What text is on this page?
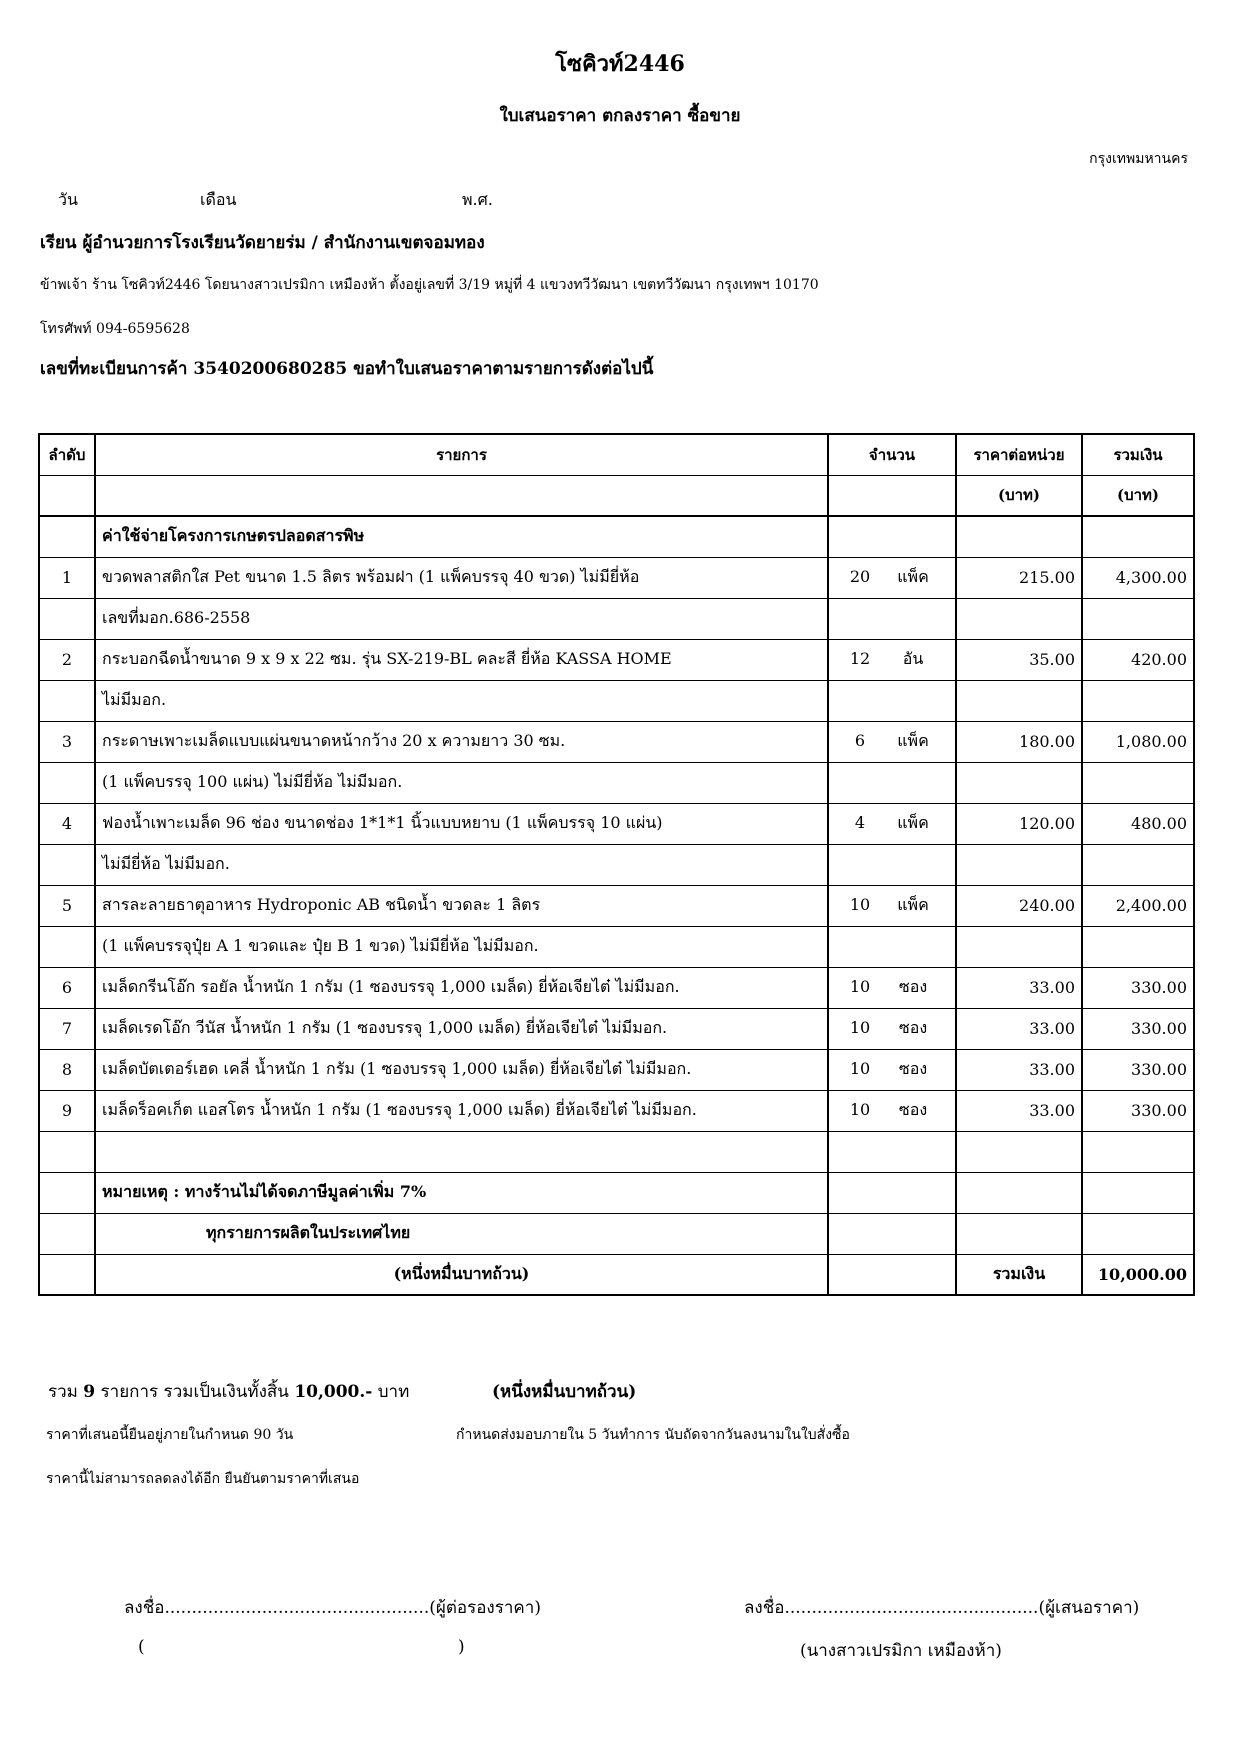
โซคิวท์2446
ใบเสนอราคา ตกลงราคา ซื้อขาย
กรุงเทพมหานคร
วัน	เดือน	พ.ศ.
เรียน ผู้อำนวยการโรงเรียนวัดยายร่ม / สำนักงานเขตจอมทอง
ข้าพเจ้า ร้าน โซคิวท์2446 โดยนางสาวเปรมิกา เหมืองห้า ตั้งอยู่เลขที่ 3/19 หมู่ที่ 4 แขวงทวีวัฒนา เขตทวีวัฒนา กรุงเทพฯ 10170
โทรศัพท์ 094-6595628
เลขที่ทะเบียนการค้า 3540200680285 ขอทำใบเสนอราคาตามรายการดังต่อไปนี้
ลำดับ	รายการ	จำนวน	ราคาต่อหน่วย	รวมเงิน
			(บาท)	(บาท)
	ค่าใช้จ่ายโครงการเกษตรปลอดสารพิษ			
1	ขวดพลาสติกใส Pet ขนาด 1.5 ลิตร พร้อมฝา (1 แพ็คบรรจุ 40 ขวด) ไม่มียี่ห้อ	20 แพ็ค	215.00	4,300.00
	เลขที่มอก.686-2558			
2	กระบอกฉีดน้ำขนาด 9 x 9 x 22 ซม. รุ่น SX-219-BL คละสี ยี่ห้อ KASSA HOME	12 อัน	35.00	420.00
	ไม่มีมอก.			
3	กระดาษเพาะเมล็ดแบบแผ่นขนาดหน้ากว้าง 20 x ความยาว 30 ซม.	6 แพ็ค	180.00	1,080.00
	(1 แพ็คบรรจุ 100 แผ่น) ไม่มียี่ห้อ ไม่มีมอก.			
4	ฟองน้ำเพาะเมล็ด 96 ช่อง ขนาดช่อง 1*1*1 นิ้วแบบหยาบ (1 แพ็คบรรจุ 10 แผ่น)	4 แพ็ค	120.00	480.00
	ไม่มียี่ห้อ ไม่มีมอก.			
5	สารละลายธาตุอาหาร Hydroponic AB ชนิดน้ำ ขวดละ 1 ลิตร	10 แพ็ค	240.00	2,400.00
	(1 แพ็คบรรจุปุ๋ย A 1 ขวดและ ปุ๋ย B 1 ขวด) ไม่มียี่ห้อ ไม่มีมอก.			
6	เมล็ดกรีนโอ๊ก รอยัล น้ำหนัก 1 กรัม (1 ซองบรรจุ 1,000 เมล็ด) ยี่ห้อเจียไต๋ ไม่มีมอก.	10 ซอง	33.00	330.00
7	เมล็ดเรดโอ๊ก วีนัส น้ำหนัก 1 กรัม (1 ซองบรรจุ 1,000 เมล็ด) ยี่ห้อเจียไต๋ ไม่มีมอก.	10 ซอง	33.00	330.00
8	เมล็ดบัตเตอร์เฮด เคลี่ น้ำหนัก 1 กรัม (1 ซองบรรจุ 1,000 เมล็ด) ยี่ห้อเจียไต๋ ไม่มีมอก.	10 ซอง	33.00	330.00
9	เมล็ดร็อคเก็ต แอสโตร น้ำหนัก 1 กรัม (1 ซองบรรจุ 1,000 เมล็ด) ยี่ห้อเจียไต๋ ไม่มีมอก.	10 ซอง	33.00	330.00

	หมายเหตุ : ทางร้านไม่ได้จดภาษีมูลค่าเพิ่ม 7%			
	ทุกรายการผลิตในประเทศไทย			
	(หนึ่งหมื่นบาทถ้วน)		รวมเงิน	10,000.00
รวม 9 รายการ รวมเป็นเงินทั้งสิ้น 10,000.- บาท	(หนึ่งหมื่นบาทถ้วน)
ราคาที่เสนอนี้ยืนอยู่ภายในกำหนด 90 วัน	กำหนดส่งมอบภายใน 5 วันทำการ นับถัดจากวันลงนามในใบสั่งซื้อ
ราคานี้ไม่สามารถลดลงได้อีก ยืนยันตามราคาที่เสนอ
ลงชื่อ.................................................(ผู้ต่อรองราคา)
(	)
ลงชื่อ...............................................(ผู้เสนอราคา)
(นางสาวเปรมิกา เหมืองห้า)
